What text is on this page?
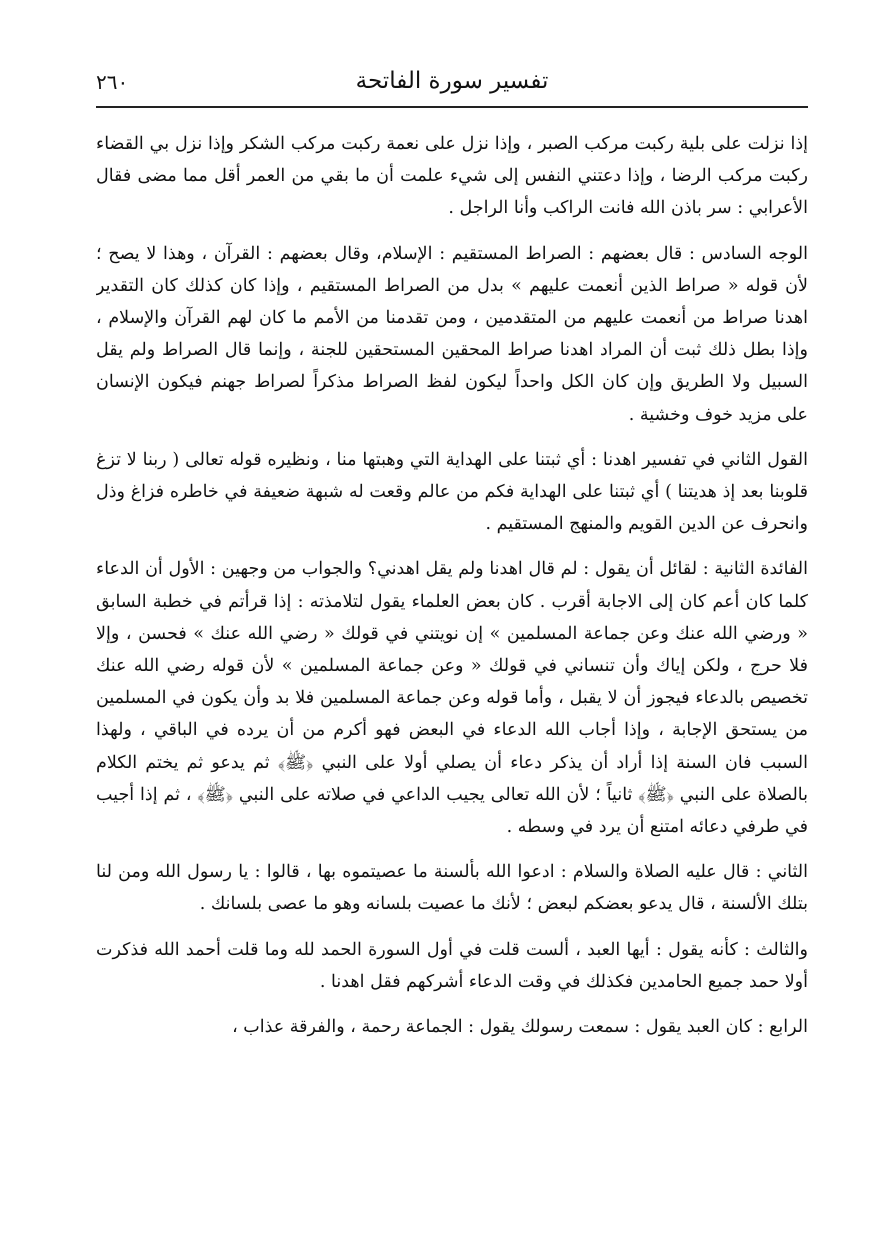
٢٦٠	تفسير سورة الفاتحة

إذا نزلت على بلية ركبت مركب الصبر ، وإذا نزل على نعمة ركبت مركب الشكر وإذا نزل بي القضاء ركبت مركب الرضا ، وإذا دعتني النفس إلى شيء علمت أن ما بقي من العمر أقل مما مضى فقال الأعرابي : سر باذن الله فانت الراكب وأنا الراجل .

الوجه السادس : قال بعضهم : الصراط المستقيم : الإسلام، وقال بعضهم : القرآن ، وهذا لا يصح ؛ لأن قوله « صراط الذين أنعمت عليهم » بدل من الصراط المستقيم ، وإذا كان كذلك كان التقدير اهدنا صراط من أنعمت عليهم من المتقدمين ، ومن تقدمنا من الأمم ما كان لهم القرآن والإسلام ، وإذا بطل ذلك ثبت أن المراد اهدنا صراط المحقين المستحقين للجنة ، وإنما قال الصراط ولم يقل السبيل ولا الطريق وإن كان الكل واحداً ليكون لفظ الصراط مذكراً لصراط جهنم فيكون الإنسان على مزيد خوف وخشية .

القول الثاني في تفسير اهدنا : أي ثبتنا على الهداية التي وهبتها منا ، ونظيره قوله تعالى ( ربنا لا تزغ قلوبنا بعد إذ هديتنا ) أي ثبتنا على الهداية فكم من عالم وقعت له شبهة ضعيفة في خاطره فزاغ وذل وانحرف عن الدين القويم والمنهج المستقيم .

الفائدة الثانية : لقائل أن يقول : لم قال اهدنا ولم يقل اهدني؟ والجواب من وجهين : الأول أن الدعاء كلما كان أعم كان إلى الاجابة أقرب . كان بعض العلماء يقول لتلامذته : إذا قرأتم في خطبة السابق « ورضي الله عنك وعن جماعة المسلمين » إن نويتني في قولك « رضي الله عنك » فحسن ، وإلا فلا حرج ، ولكن إياك وأن تنساني في قولك « وعن جماعة المسلمين » لأن قوله رضي الله عنك تخصيص بالدعاء فيجوز أن لا يقبل ، وأما قوله وعن جماعة المسلمين فلا بد وأن يكون في المسلمين من يستحق الإجابة ، وإذا أجاب الله الدعاء في البعض فهو أكرم من أن يرده في الباقي ، ولهذا السبب فان السنة إذا أراد أن يذكر دعاء أن يصلي أولا على النبي ﴿ﷺ﴾ ثم يدعو ثم يختم الكلام بالصلاة على النبي ﴿ﷺ﴾ ثانياً ؛ لأن الله تعالى يجيب الداعي في صلاته على النبي ﴿ﷺ﴾ ، ثم إذا أجيب في طرفي دعائه امتنع أن يرد في وسطه .

الثاني : قال عليه الصلاة والسلام : ادعوا الله بألسنة ما عصيتموه بها ، قالوا : يا رسول الله ومن لنا بتلك الألسنة ، قال يدعو بعضكم لبعض ؛ لأنك ما عصيت بلسانه وهو ما عصى بلسانك .

والثالث : كأنه يقول : أيها العبد ، ألست قلت في أول السورة الحمد لله وما قلت أحمد الله فذكرت أولا حمد جميع الحامدين فكذلك في وقت الدعاء أشركهم فقل اهدنا .

الرابع : كان العبد يقول : سمعت رسولك يقول : الجماعة رحمة ، والفرقة عذاب ،
